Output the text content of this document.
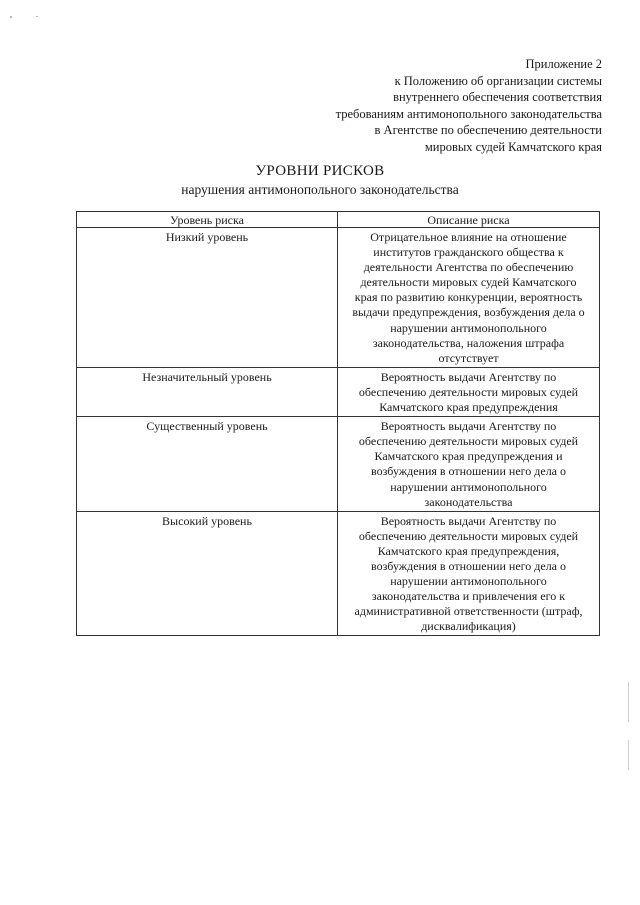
Приложение 2
к Положению об организации системы
внутреннего обеспечения соответствия
требованиям антимонопольного законодательства
в Агентстве по обеспечению деятельности
мировых судей Камчатского края
УРОВНИ РИСКОВ
нарушения антимонопольного законодательства
Уровень риска	Описание риска
Низкий уровень	Отрицательное влияние на отношение институтов гражданского общества к деятельности Агентства по обеспечению деятельности мировых судей Камчатского края по развитию конкуренции, вероятность выдачи предупреждения, возбуждения дела о нарушении антимонопольного законодательства, наложения штрафа отсутствует

Незначительный уровень	Вероятность выдачи Агентству по обеспечению деятельности мировых судей Камчатского края предупреждения

Существенный уровень	Вероятность выдачи Агентству по обеспечению деятельности мировых судей Камчатского края предупреждения и возбуждения в отношении него дела о нарушении антимонопольного законодательства

Высокий уровень	Вероятность выдачи Агентству по обеспечению деятельности мировых судей Камчатского края предупреждения, возбуждения в отношении него дела о нарушении антимонопольного законодательства и привлечения его к административной ответственности (штраф, дисквалификация)
